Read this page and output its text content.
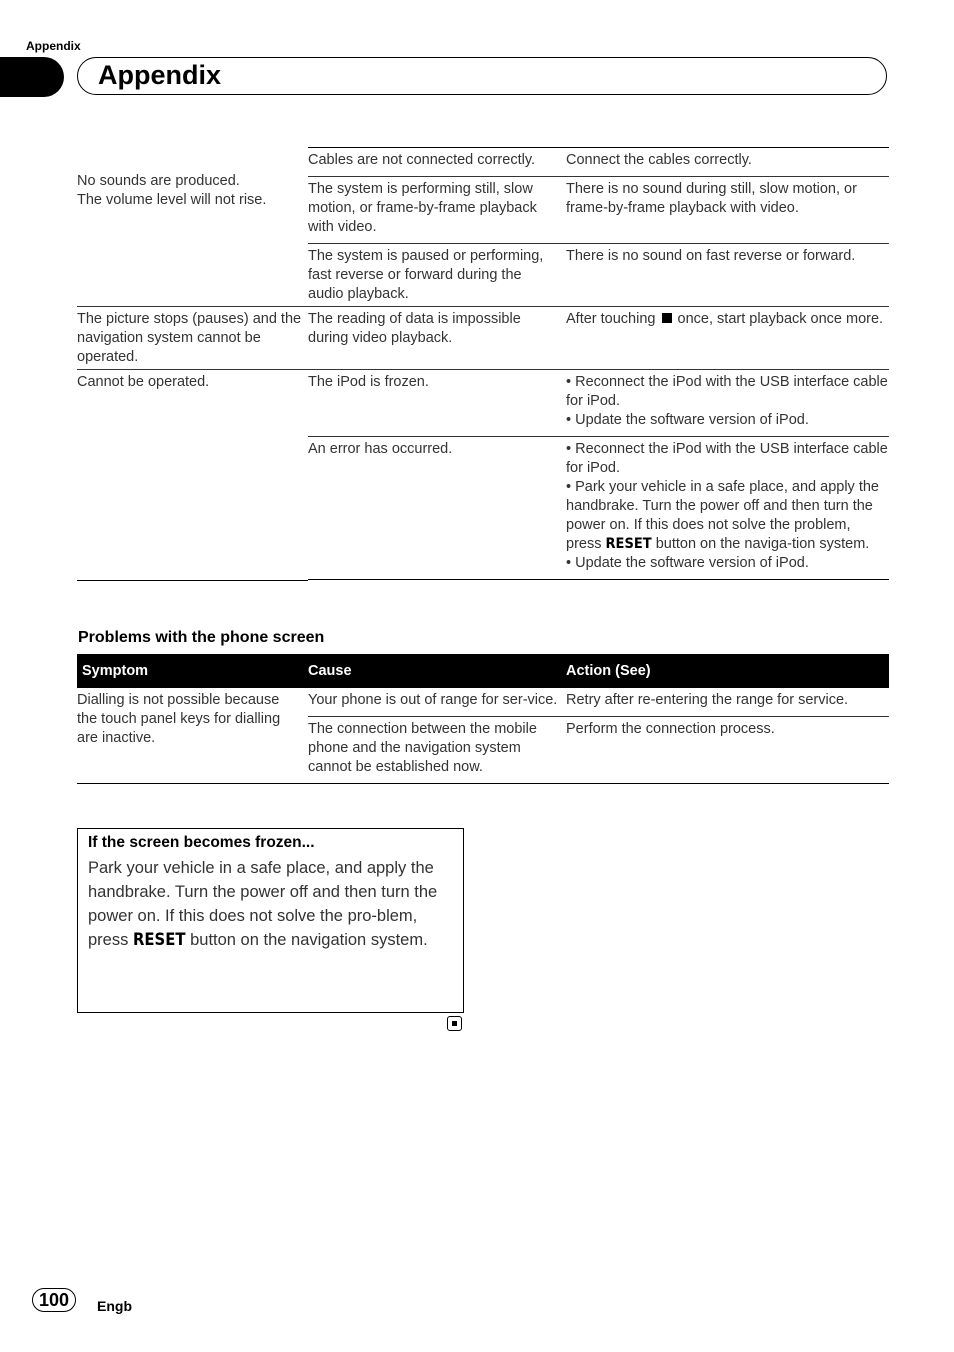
Appendix
Appendix
No sounds are produced.
The volume level will not rise.	Cables are not connected correctly.	Connect the cables correctly.

	The system is performing still, slow motion, or frame-by-frame playback with video.	There is no sound during still, slow motion, or frame-by-frame playback with video.

	The system is paused or performing, fast reverse or forward during the audio playback.	There is no sound on fast reverse or forward.

The picture stops (pauses) and the navigation system cannot be operated.	The reading of data is impossible during video playback.	After touching once, start playback once more.

Cannot be operated.	The iPod is frozen.	• Reconnect the iPod with the USB interface cable for iPod.
• Update the software version of iPod.

	An error has occurred.	• Reconnect the iPod with the USB interface cable for iPod.
• Park your vehicle in a safe place, and apply the handbrake. Turn the power off and then turn the power on. If this does not solve the problem, press RESET button on the naviga-tion system.
• Update the software version of iPod.

Problems with the phone screen
Symptom	Cause	Action (See)

Dialling is not possible because the touch panel keys for dialling are inactive.	Your phone is out of range for ser-vice.	Retry after re-entering the range for service.

	The connection between the mobile phone and the navigation system cannot be established now.	Perform the connection process.
If the screen becomes frozen...
Park your vehicle in a safe place, and apply the handbrake. Turn the power off and then turn the power on. If this does not solve the pro-blem, press RESET button on the navigation system.
100	Engb
